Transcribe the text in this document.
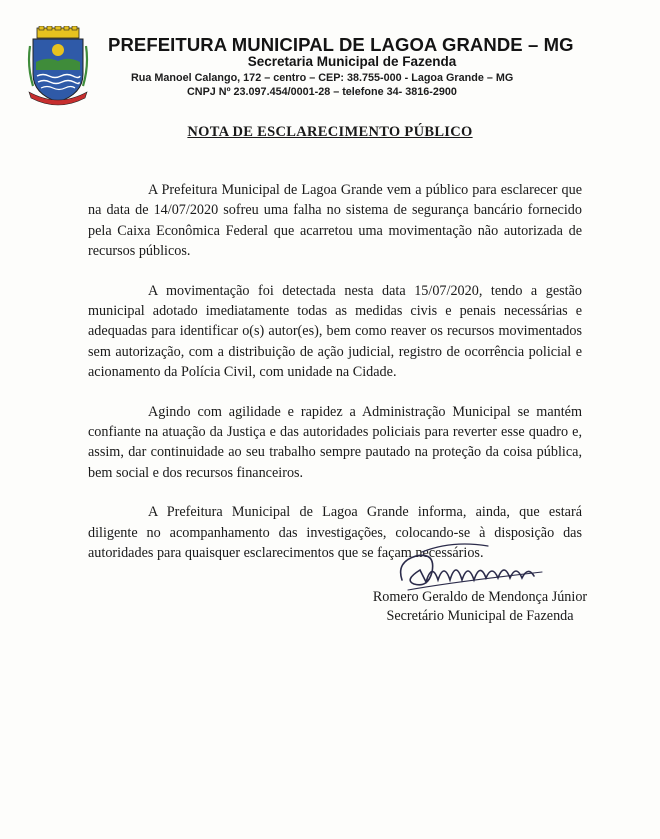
PREFEITURA MUNICIPAL DE LAGOA GRANDE – MG
Secretaria Municipal de Fazenda
Rua Manoel Calango, 172 – centro – CEP: 38.755-000 - Lagoa Grande – MG
CNPJ Nº 23.097.454/0001-28 – telefone 34- 3816-2900
NOTA DE ESCLARECIMENTO PÚBLICO

A Prefeitura Municipal de Lagoa Grande vem a público para esclarecer que na data de 14/07/2020 sofreu uma falha no sistema de segurança bancário fornecido pela Caixa Econômica Federal que acarretou uma movimentação não autorizada de recursos públicos.

A movimentação foi detectada nesta data 15/07/2020, tendo a gestão municipal adotado imediatamente todas as medidas civis e penais necessárias e adequadas para identificar o(s) autor(es), bem como reaver os recursos movimentados sem autorização, com a distribuição de ação judicial, registro de ocorrência policial e acionamento da Polícia Civil, com unidade na Cidade.

Agindo com agilidade e rapidez a Administração Municipal se mantém confiante na atuação da Justiça e das autoridades policiais para reverter esse quadro e, assim, dar continuidade ao seu trabalho sempre pautado na proteção da coisa pública, bem social e dos recursos financeiros.

A Prefeitura Municipal de Lagoa Grande informa, ainda, que estará diligente no acompanhamento das investigações, colocando-se à disposição das autoridades para quaisquer esclarecimentos que se façam necessários.

Romero Geraldo de Mendonça Júnior
Secretário Municipal de Fazenda
